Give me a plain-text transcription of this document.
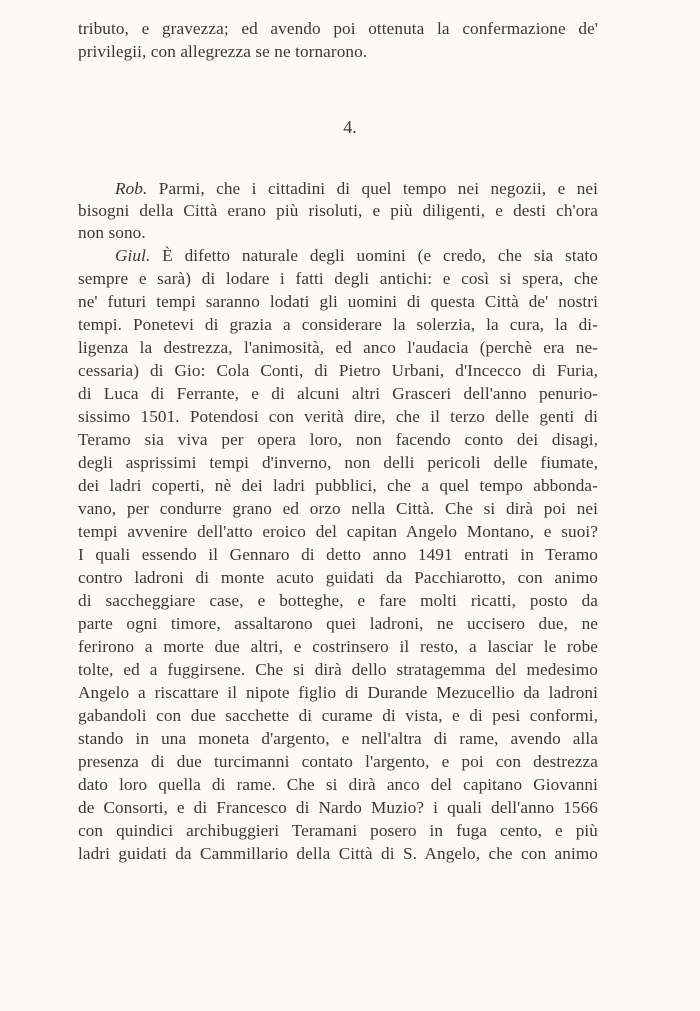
tributo, e gravezza; ed avendo poi ottenuta la confermazione de'
privilegii, con allegrezza se ne tornarono.
4.
Rob. Parmi, che i cittadini di quel tempo nei negozii, e nei
bisogni della Città erano più risoluti, e più diligenti, e desti ch'ora
non sono.
Giul. È difetto naturale degli uomini (e credo, che sia stato
sempre e sarà) di lodare i fatti degli antichi: e così si spera, che
ne' futuri tempi saranno lodati gli uomini di questa Città de' nostri
tempi. Ponetevi di grazia a considerare la solerzia, la cura, la di-
ligenza la destrezza, l'animosità, ed anco l'audacia (perchè era ne-
cessaria) di Gio: Cola Conti, di Pietro Urbani, d'Incecco di Furia,
di Luca di Ferrante, e di alcuni altri Grasceri dell'anno penurio-
sissimo 1501. Potendosi con verità dire, che il terzo delle genti di
Teramo sia viva per opera loro, non facendo conto dei disagi,
degli asprissimi tempi d'inverno, non delli pericoli delle fiumate,
dei ladri coperti, nè dei ladri pubblici, che a quel tempo abbonda-
vano, per condurre grano ed orzo nella Città. Che si dirà poi nei
tempi avvenire dell'atto eroico del capitan Angelo Montano, e suoi?
I quali essendo il Gennaro di detto anno 1491 entrati in Teramo
contro ladroni di monte acuto guidati da Pacchiarotto, con animo
di saccheggiare case, e botteghe, e fare molti ricatti, posto da
parte ogni timore, assaltarono quei ladroni, ne uccisero due, ne
ferirono a morte due altri, e costrinsero il resto, a lasciar le robe
tolte, ed a fuggirsene. Che si dirà dello stratagemma del medesimo
Angelo a riscattare il nipote figlio di Durande Mezucellio da ladroni
gabandoli con due sacchette di curame di vista, e di pesi conformi,
stando in una moneta d'argento, e nell'altra di rame, avendo alla
presenza di due turcimanni contato l'argento, e poi con destrezza
dato loro quella di rame. Che si dirà anco del capitano Giovanni
de Consorti, e di Francesco di Nardo Muzio? i quali dell'anno 1566
con quindici archibuggieri Teramani posero in fuga cento, e più
ladri guidati da Cammillario della Città di S. Angelo, che con animo
